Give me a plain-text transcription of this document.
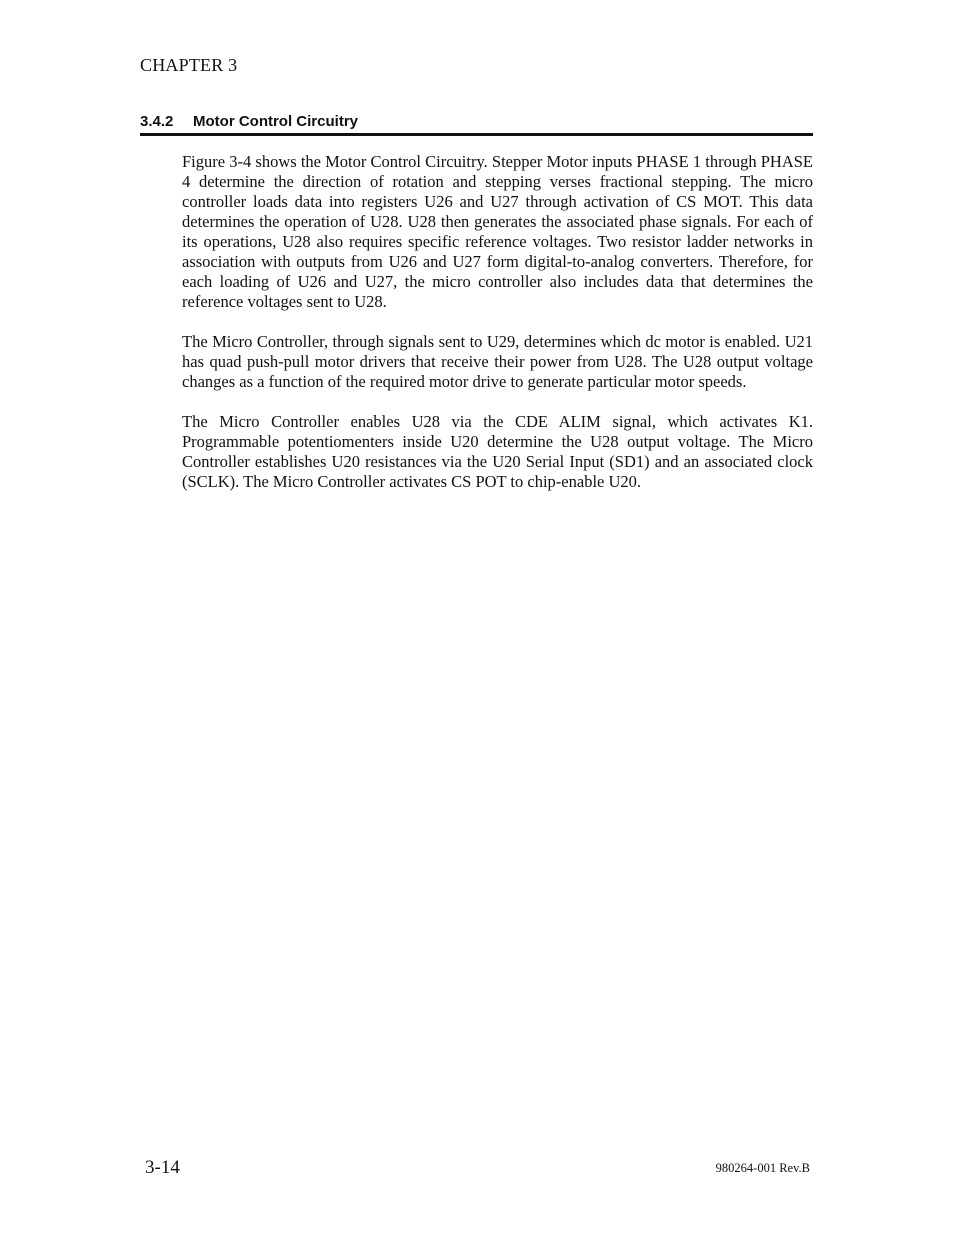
CHAPTER 3
3.4.2 Motor Control Circuitry

Figure 3-4 shows the Motor Control Circuitry. Stepper Motor inputs PHASE 1 through PHASE 4 determine the direction of rotation and stepping verses fractional stepping. The micro controller loads data into registers U26 and U27 through activation of CS MOT. This data determines the operation of U28. U28 then generates the associated phase signals. For each of its operations, U28 also requires specific reference voltages. Two resistor ladder networks in association with outputs from U26 and U27 form digital-to-analog converters. Therefore, for each loading of U26 and U27, the micro controller also includes data that determines the reference voltages sent to U28.

The Micro Controller, through signals sent to U29, determines which dc motor is enabled. U21 has quad push-pull motor drivers that receive their power from U28. The U28 output voltage changes as a function of the required motor drive to generate particular motor speeds.

The Micro Controller enables U28 via the CDE ALIM signal, which activates K1. Programmable potentiomenters inside U20 determine the U28 output voltage. The Micro Controller establishes U20 resistances via the U20 Serial Input (SD1) and an associated clock (SCLK). The Micro Controller activates CS POT to chip-enable U20.

3-14	980264-001 Rev.B
